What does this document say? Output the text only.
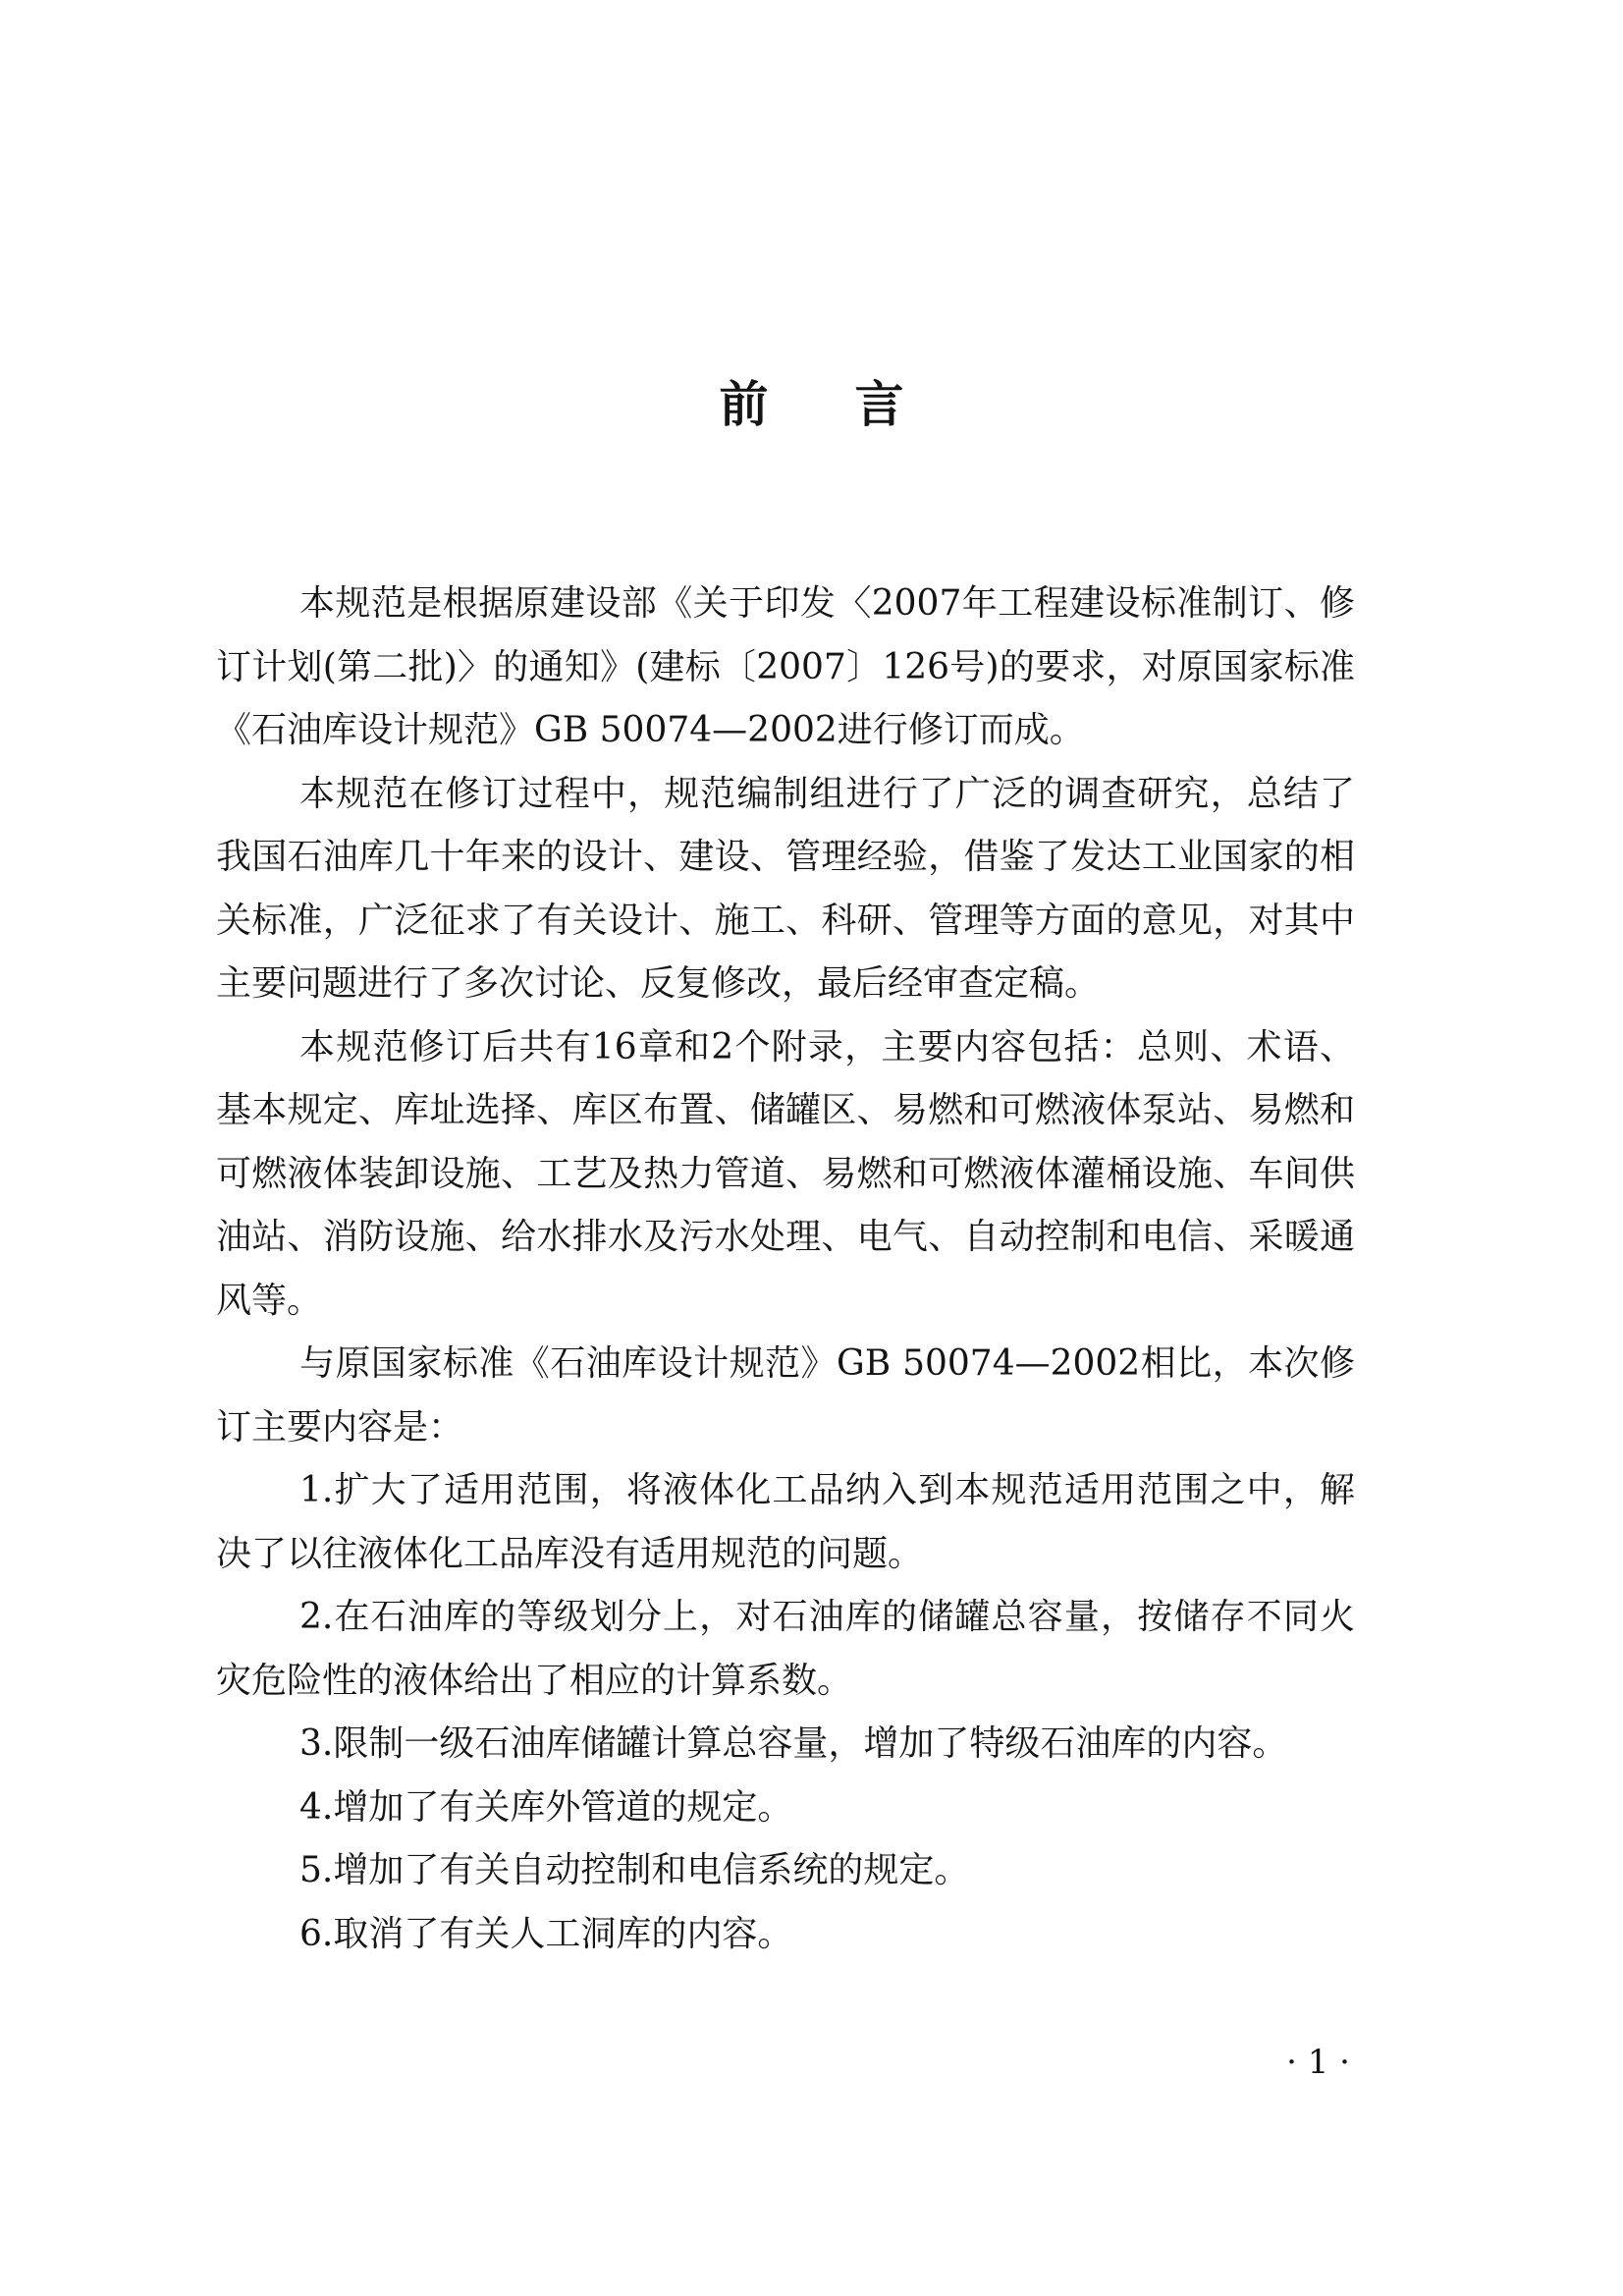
前言

本规范是根据原建设部《关于印发〈2007年工程建设标准制订、修订计划(第二批)〉的通知》(建标〔2007〕126号)的要求，对原国家标准《石油库设计规范》GB 50074—2002进行修订而成。

本规范在修订过程中，规范编制组进行了广泛的调查研究，总结了我国石油库几十年来的设计、建设、管理经验，借鉴了发达工业国家的相关标准，广泛征求了有关设计、施工、科研、管理等方面的意见，对其中主要问题进行了多次讨论、反复修改，最后经审查定稿。

本规范修订后共有16章和2个附录，主要内容包括：总则、术语、基本规定、库址选择、库区布置、储罐区、易燃和可燃液体泵站、易燃和可燃液体装卸设施、工艺及热力管道、易燃和可燃液体灌桶设施、车间供油站、消防设施、给水排水及污水处理、电气、自动控制和电信、采暖通风等。

与原国家标准《石油库设计规范》GB 50074—2002相比，本次修订主要内容是：

1.扩大了适用范围，将液体化工品纳入到本规范适用范围之中，解决了以往液体化工品库没有适用规范的问题。

2.在石油库的等级划分上，对石油库的储罐总容量，按储存不同火灾危险性的液体给出了相应的计算系数。

3.限制一级石油库储罐计算总容量，增加了特级石油库的内容。

4.增加了有关库外管道的规定。

5.增加了有关自动控制和电信系统的规定。

6.取消了有关人工洞库的内容。

· 1 ·
